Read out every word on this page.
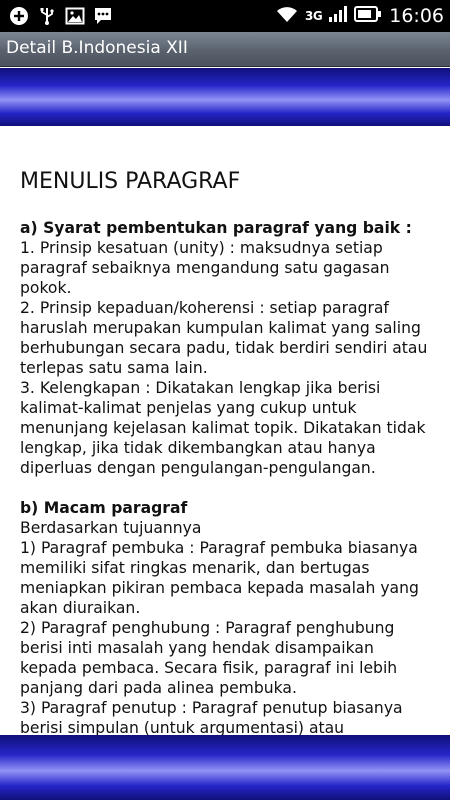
3G	16:06
Detail B.Indonesia XII
MENULIS PARAGRAF

a) Syarat pembentukan paragraf yang baik :

1. Prinsip kesatuan (unity) : maksudnya setiap

paragraf sebaiknya mengandung satu gagasan

pokok.

2. Prinsip kepaduan/koherensi : setiap paragraf

haruslah merupakan kumpulan kalimat yang saling

berhubungan secara padu, tidak berdiri sendiri atau

terlepas satu sama lain.

3. Kelengkapan : Dikatakan lengkap jika berisi

kalimat-kalimat penjelas yang cukup untuk

menunjang kejelasan kalimat topik. Dikatakan tidak

lengkap, jika tidak dikembangkan atau hanya

diperluas dengan pengulangan-pengulangan.

b) Macam paragraf

Berdasarkan tujuannya

1) Paragraf pembuka : Paragraf pembuka biasanya

memiliki sifat ringkas menarik, dan bertugas

meniapkan pikiran pembaca kepada masalah yang

akan diuraikan.

2) Paragraf penghubung : Paragraf penghubung

berisi inti masalah yang hendak disampaikan

kepada pembaca. Secara fisik, paragraf ini lebih

panjang dari pada alinea pembuka.

3) Paragraf penutup : Paragraf penutup biasanya

berisi simpulan (untuk argumentasi) atau
